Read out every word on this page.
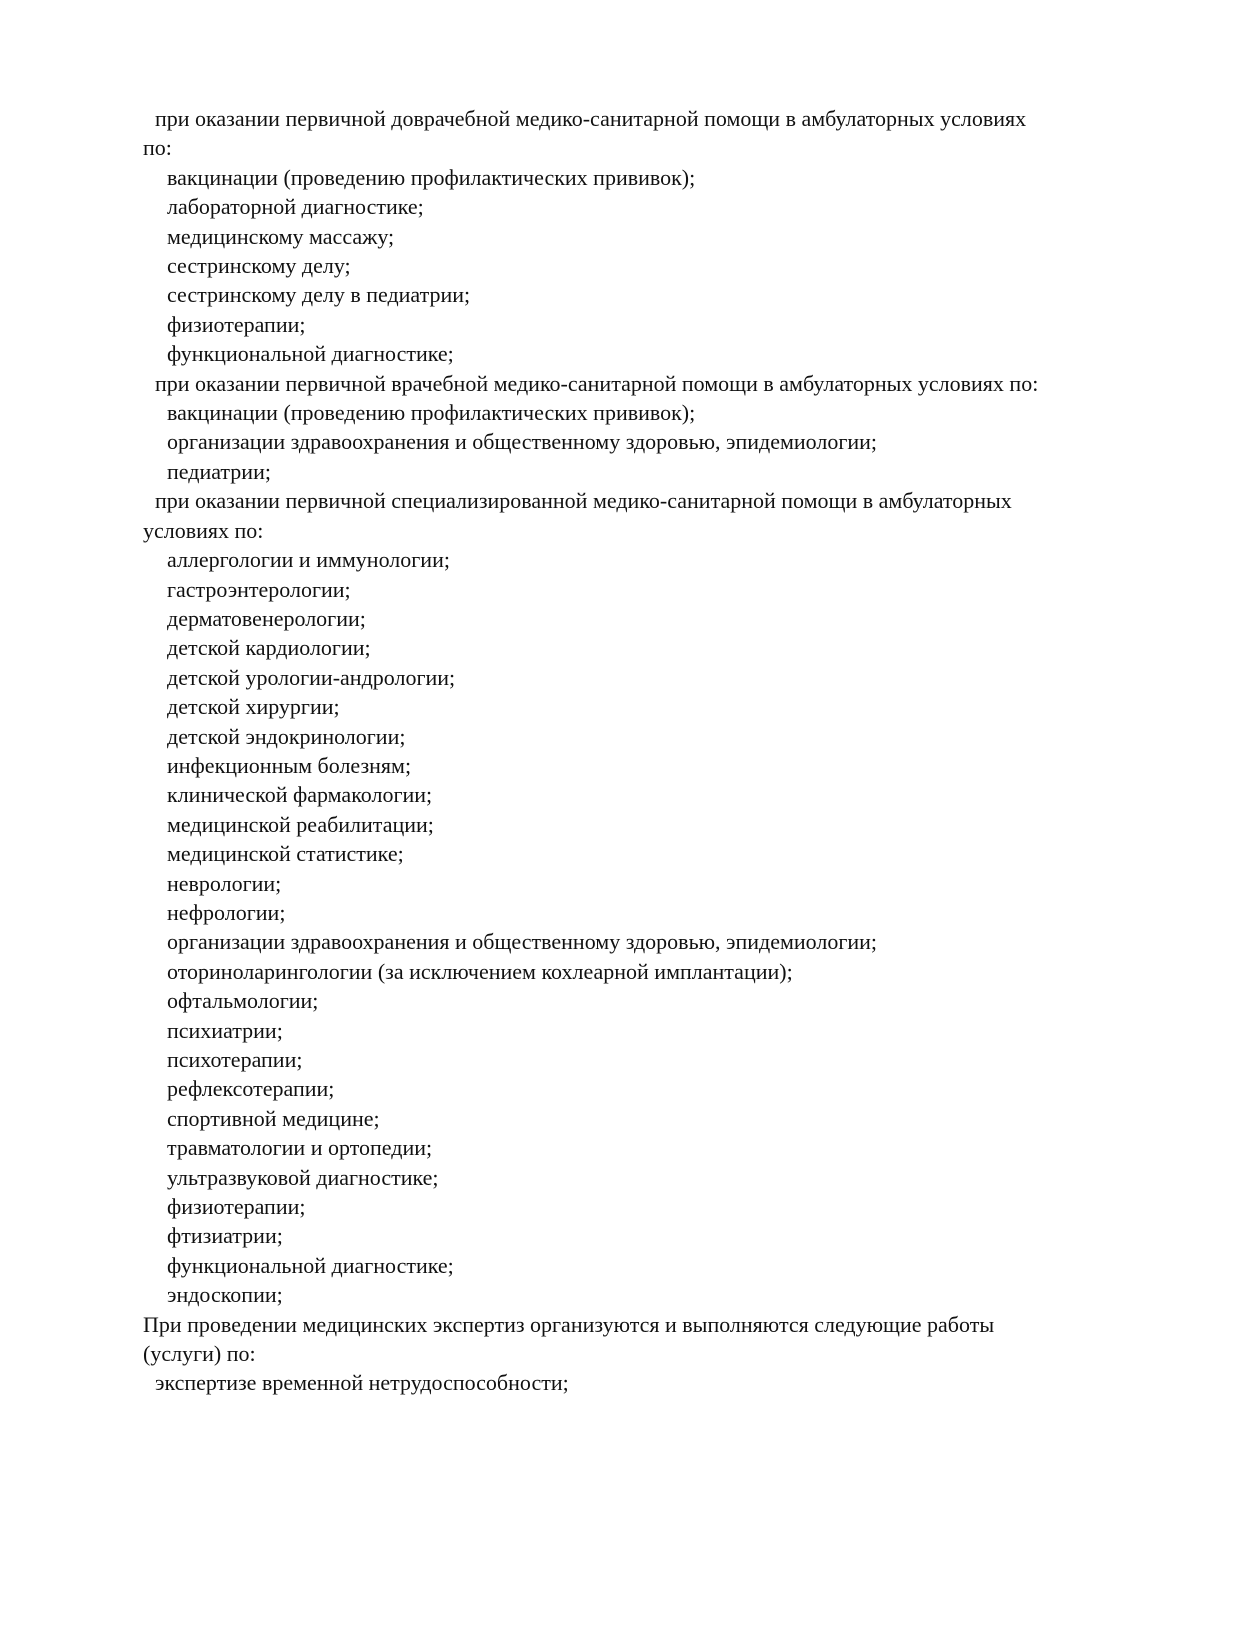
при оказании первичной доврачебной медико-санитарной помощи в амбулаторных условиях

по:

вакцинации (проведению профилактических прививок);

лабораторной диагностике;

медицинскому массажу;

сестринскому делу;

сестринскому делу в педиатрии;

физиотерапии;

функциональной диагностике;

при оказании первичной врачебной медико-санитарной помощи в амбулаторных условиях по:

вакцинации (проведению профилактических прививок);

организации здравоохранения и общественному здоровью, эпидемиологии;

педиатрии;

при оказании первичной специализированной медико-санитарной помощи в амбулаторных

условиях по:

аллергологии и иммунологии;

гастроэнтерологии;

дерматовенерологии;

детской кардиологии;

детской урологии-андрологии;

детской хирургии;

детской эндокринологии;

инфекционным болезням;

клинической фармакологии;

медицинской реабилитации;

медицинской статистике;

неврологии;

нефрологии;

организации здравоохранения и общественному здоровью, эпидемиологии;

оториноларингологии (за исключением кохлеарной имплантации);

офтальмологии;

психиатрии;

психотерапии;

рефлексотерапии;

спортивной медицине;

травматологии и ортопедии;

ультразвуковой диагностике;

физиотерапии;

фтизиатрии;

функциональной диагностике;

эндоскопии;

При проведении медицинских экспертиз организуются и выполняются следующие работы

(услуги) по:

экспертизе временной нетрудоспособности;
